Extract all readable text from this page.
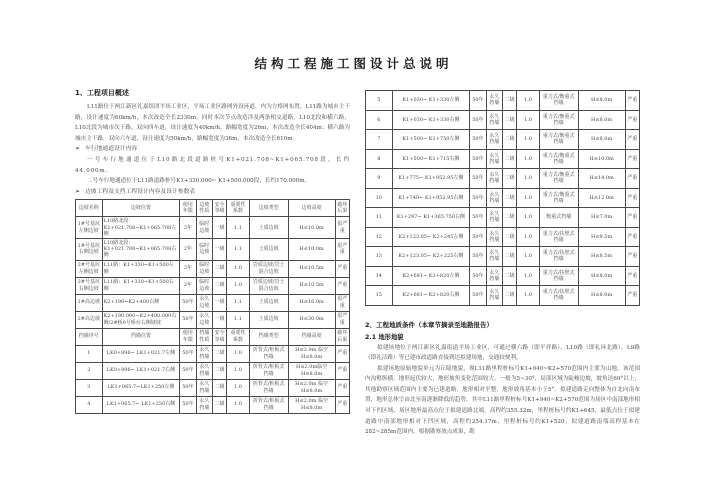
结构工程施工图设计总说明
1、工程项目概述

L11路位于两江新区礼嘉组团平场工业区，平场工业区路网外设环道，内为方格网布置。L11路为城市主干路，设计速度为60km/h，本次改造全长2330m，同时本次节点改造涉及两条相交道路，L10北段和横六路，L10北段为城市次干路，双向四车道，设计速度为40km/h，路幅宽度为26m，本次改造全长404m；横六路为城市主干路，双向六车道，设计速度为50km/h，路幅宽度为36m，本次改造全长610m。

➢ 车行地通道设计内容

一号车行地通道位于L10路北段道路桩号K1+021.708~K1+065.708段，长约44.000m。

二号车行地通道位于L11路道路桩号K1+330.000~ K1+500.000段，长约170.000m。

➢ 边坡工程及支挡工程设计内容及设计参数表

边坡名称	边坡位置	使用年限	边坡性质	安全等级	重要性系数	边坡类型	边坡高度	破坏后果
1#号基坑左侧边坡	L10路北段：K1+021.708~K1+065.708左侧	2年	临时边坡	一级	1.1	土质边坡	H≤10.0m	很严重
1#号基坑右侧边坡	L10路北段：K1+021.708~K1+065.708右侧	2年	临时边坡	一级	1.1	土质边坡	H≤10.0m	很严重
2#号基坑左侧边坡	L11路：K1+330~K1+500左侧	2年	临时边坡	二级	1.0	岩质边坡/岩土混合边坡	H≤10.5m	严重
2#号基坑右侧边坡	L11路：K1+330~K1+500右侧	2年	临时边坡	二级	1.0	岩质边坡/岩土混合边坡	H≤10.5m	严重
1#高边坡	K2+190~K2+400右侧	50年	永久边坡	一级	1.1	土质边坡	H≤16.0m	很严重
2#高边坡	K2+190.000~K2+400.000右侧/2#桥0号桥台右侧坡坡	50年	永久边坡	一级	1.1	土质边坡	H≤30.0m	很严重
挡墙序号	挡墙位置	使用年限	挡墙性质	安全等级	重要性系数	挡墙类型	挡墙高度	破坏后果
1	LK0+896~ LK1+021.7左侧	50年	永久挡墙	二级	1.0	折背式/桩板式挡墙	H≤2.0m 临空H≤8.0m	严重
2	LK0+896~ LK1+021.7右侧	50年	永久挡墙	二级	1.0	折背式/桩板式挡墙	H≤2.0m临空H≤8.0m	严重
3	LK1+065.7~LK1+250左侧	50年	永久挡墙	二级	1.0	折背式/桩板式挡墙	H≤2.0m 临空H≤8.0m	严重
4	LK1+065.7~ LK1+250右侧	50年	永久挡墙	二级	1.0	折背式/桩板式挡墙	H≤2.0m 临空H≤8.0m	严重
5	K1+030~ K1+330左侧	50年	永久挡墙	二级	1.0	重力式/衡重式挡墙	H≤8.0m	严重
6	K1+030~ K1+330右侧	50年	永久挡墙	二级	1.0	重力式/衡重式挡墙	H≤8.0m	严重
7	K1+500~ K1+750左侧	50年	永久挡墙	二级	1.0	重力式/衡重式挡墙	H≤8.0m	严重
8	K1+500~ K1+715右侧	50年	永久挡墙	二级	1.0	重力式/衡重式挡墙	H≤10.0m	严重
9	K1+775~ K1+952.95左侧	50年	永久挡墙	二级	1.0	重力式/衡重式挡墙	H≤14.0m	严重
10	K1+740~ K1+952.95右侧	50年	永久挡墙	二级	1.0	重力式/衡重式挡墙	H≤12.0m	严重
11	K1+297~ K1+365.750右侧	50年	永久挡墙	二级	1.0	衡重式挡墙	H≤7.0m	严重
12	K2+123.05~ K2+245左侧	50年	永久挡墙	二级	1.0	重力式/扶壁式挡墙	H≤9.5m	严重
13	K2+123.05~ K2+225右侧	50年	永久挡墙	二级	1.0	重力式/扶壁式挡墙	H≤8.5m	严重
14	K2+681~ K2+820左侧	50年	永久挡墙	二级	1.0	重力式/扶壁式挡墙	H≤8.0m	严重
15	K2+681~ K2+820右侧	50年	永久挡墙	二级	1.0	重力式/扶壁式挡墙	H≤8.0m	严重
2、工程地质条件（本章节摘录至地勘报告）
2.1 地形地貌

拟建场地位于两江新区礼嘉街道平场工业区，可通过横六路（即平祥路）、L10路（即礼环北路）、L9路（即礼洁路）等已建市政道路直接到达拟建场地，交通较便利。

拟建场地原始地貌单元为丘陵地貌，现L11路里程桩标号K1+940~K2+570范围内主要为山地，该范围内沟壑纵横，地形起伏较大，地形坡角变化范围较大，一般为5~30°，局部区域为陡峻边坡，坡角达60°以上；其他勘察区域范围内主要为已建道路，地形相对平整，地形坡角基本小于5°。拟建道路走向整体为自北向南布置，地形总体呈由北至南逐渐降低的趋势，其中L11路里程桩标号K1+940~K2+570范围为场区中南部地形相对下凹区域，场区地形最高点位于拟建道路北端，高程约355.32m，里程桩标号约K1+645，最低点位于拟建道路中南部地形相对下凹区域，高程约254.17m，里程桩标号约K1+520，拟建道路南端高程基本在282~285m范围内，根据勘察放点成果，勘
